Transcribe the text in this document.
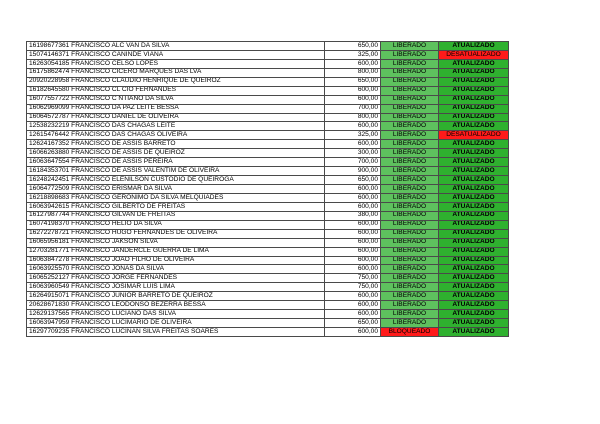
16198677361 FRANCISCO ALC VAN DA SILVA	650,00	LIBERADO	ATUALIZADO
15074146371 FRANCISCO CANINDE VIANA	325,00	LIBERADO	DESATUALIZADO
16263054185 FRANCISCO CELSO LOPES	600,00	LIBERADO	ATUALIZADO
16175862474 FRANCISCO CICERO MARQUES DAS LVA	800,00	LIBERADO	ATUALIZADO
20920228958 FRANCISCO CLAUDIO HENRIQUE DE QUEIROZ	650,00	LIBERADO	ATUALIZADO
16182645580 FRANCISCO CL CIO FERNANDES	600,00	LIBERADO	ATUALIZADO
16077557722 FRANCISCO C NTIANO DA SILVA	600,00	LIBERADO	ATUALIZADO
16062969099 FRANCISCO DA PAZ LEITE BESSA	700,00	LIBERADO	ATUALIZADO
16064572787 FRANCISCO DANIEL DE OLIVEIRA	800,00	LIBERADO	ATUALIZADO
12538232219 FRANCISCO DAS CHAGAS LEITE	600,00	LIBERADO	ATUALIZADO
12615476442 FRANCISCO DAS CHAGAS OLIVEIRA	325,00	LIBERADO	DESATUALIZADO
12624167352 FRANCISCO DE ASSIS BARRETO	600,00	LIBERADO	ATUALIZADO
16066263880 FRANCISCO DE ASSIS DE QUEIROZ	300,00	LIBERADO	ATUALIZADO
16063647554 FRANCISCO DE ASSIS PEREIRA	700,00	LIBERADO	ATUALIZADO
16184353701 FRANCISCO DE ASSIS VALENTIM DE OLIVEIRA	900,00	LIBERADO	ATUALIZADO
16248242451 FRANCISCO ELENILSON CUSTODIO DE QUEIROGA	650,00	LIBERADO	ATUALIZADO
16064772509 FRANCISCO ERISMAR DA SILVA	600,00	LIBERADO	ATUALIZADO
16218898683 FRANCISCO GERONIMO DA SILVA MELQUIADES	600,00	LIBERADO	ATUALIZADO
16063942615 FRANCISCO GILBERTO DE FREITAS	600,00	LIBERADO	ATUALIZADO
16127987744 FRANCISCO GILVAN DE FREITAS	380,00	LIBERADO	ATUALIZADO
16074198370 FRANCISCO HELIO DA SILVA	600,00	LIBERADO	ATUALIZADO
16272278721 FRANCISCO HUGO FERNANDES DE OLIVEIRA	600,00	LIBERADO	ATUALIZADO
16065956181 FRANCISCO JAKSON SILVA	600,00	LIBERADO	ATUALIZADO
12703281771 FRANCISCO JANDERCLE GUERRA DE LIMA	600,00	LIBERADO	ATUALIZADO
16063847278 FRANCISCO JOAO FILHO DE OLIVEIRA	600,00	LIBERADO	ATUALIZADO
16063925570 FRANCISCO JONAS DA SILVA	600,00	LIBERADO	ATUALIZADO
16065252127 FRANCISCO JORGE FERNANDES	750,00	LIBERADO	ATUALIZADO
16063960549 FRANCISCO JOSIMAR LUIS LIMA	750,00	LIBERADO	ATUALIZADO
16264915071 FRANCISCO JUNIOR BARRETO DE QUEIROZ	600,00	LIBERADO	ATUALIZADO
20628671830 FRANCISCO LEODONSO BEZERRA BESSA	600,00	LIBERADO	ATUALIZADO
12629137565 FRANCISCO LUCIANO DAS SILVA	600,00	LIBERADO	ATUALIZADO
16063947959 FRANCISCO LUCIMARIO DE OLIVEIRA	650,00	LIBERADO	ATUALIZADO
16297709235 FRANCISCO LUCINAN SILVA FREITAS SOARES	600,00	BLOQUEADO	ATUALIZADO
